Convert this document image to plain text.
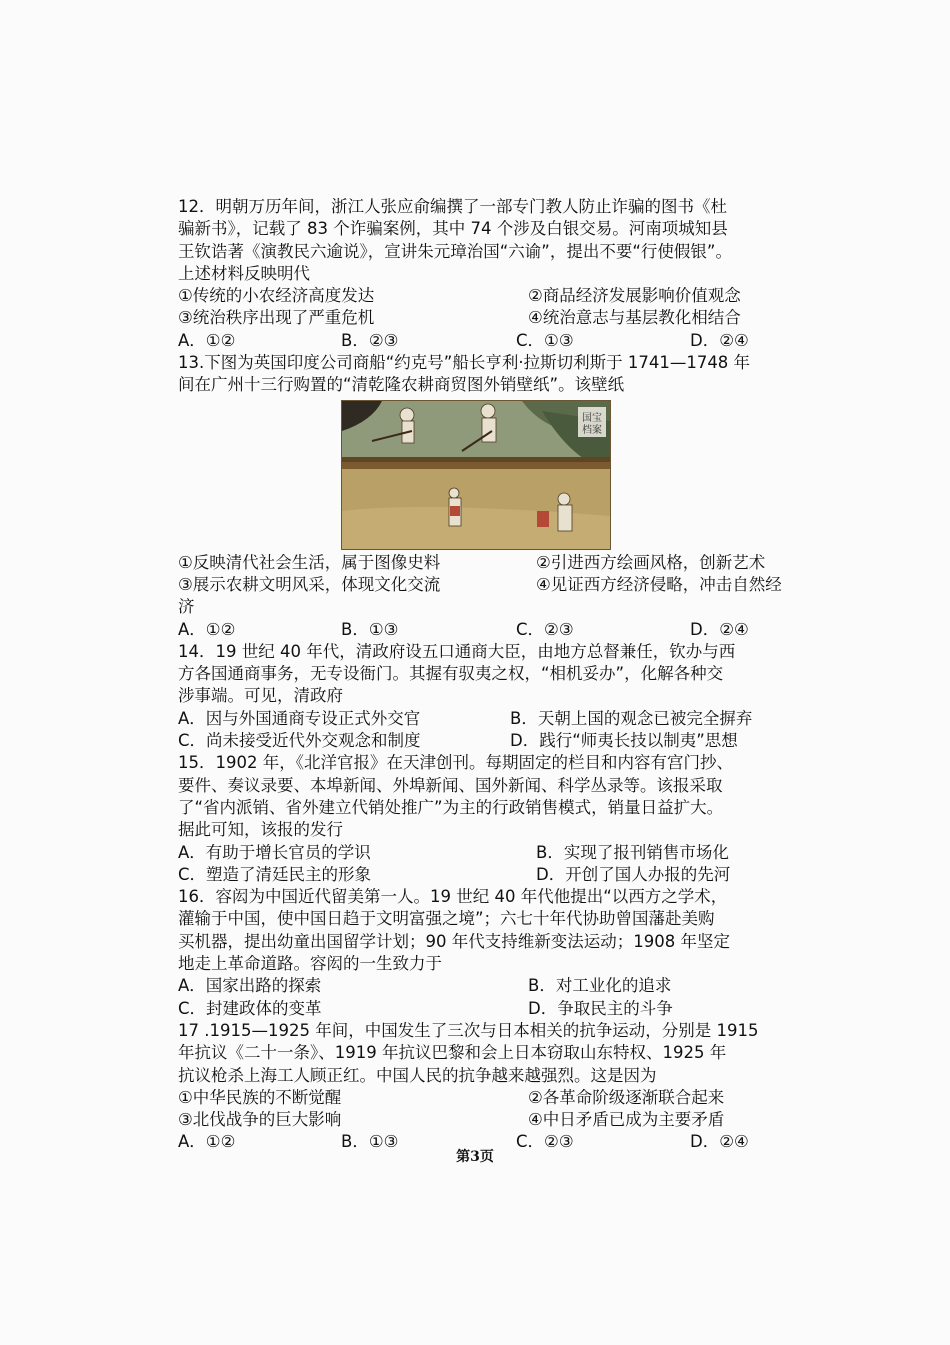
12．明朝万历年间，浙江人张应俞编撰了一部专门教人防止诈骗的图书《杜
骗新书》，记载了 83 个诈骗案例，其中 74 个涉及白银交易。河南项城知县
王钦诰著《演教民六逾说》，宣讲朱元璋治国“六谕”，提出不要“行使假银”。
上述材料反映明代
①传统的小农经济高度发达	②商品经济发展影响价值观念
③统治秩序出现了严重危机	④统治意志与基层教化相结合
A．①②	B．②③	C．①③	D．②④
13.下图为英国印度公司商船“约克号”船长亨利·拉斯切利斯于 1741—1748 年
间在广州十三行购置的“清乾隆农耕商贸图外销壁纸”。该壁纸
国宝
档案
①反映清代社会生活，属于图像史料	②引进西方绘画风格，创新艺术
③展示农耕文明风采，体现文化交流	④见证西方经济侵略，冲击自然经
济
A．①②	B．①③	C．②③	D．②④
14．19 世纪 40 年代，清政府设五口通商大臣，由地方总督兼任，钦办与西
方各国通商事务，无专设衙门。其握有驭夷之权，“相机妥办”，化解各种交
涉事端。可见，清政府
A．因与外国通商专设正式外交官	B．天朝上国的观念已被完全摒弃
C．尚未接受近代外交观念和制度	D．践行“师夷长技以制夷”思想
15．1902 年，《北洋官报》在天津创刊。每期固定的栏目和内容有宫门抄、
要件、奏议录要、本埠新闻、外埠新闻、国外新闻、科学丛录等。该报采取
了“省内派销、省外建立代销处推广”为主的行政销售模式，销量日益扩大。
据此可知，该报的发行
A．有助于增长官员的学识	B．实现了报刊销售市场化
C．塑造了清廷民主的形象	D．开创了国人办报的先河
16．容闳为中国近代留美第一人。19 世纪 40 年代他提出“以西方之学术，
灌输于中国，使中国日趋于文明富强之境”；六七十年代协助曾国藩赴美购
买机器，提出幼童出国留学计划；90 年代支持维新变法运动；1908 年坚定
地走上革命道路。容闳的一生致力于
A．国家出路的探索	B．对工业化的追求
C．封建政体的变革	D．争取民主的斗争
17 .1915—1925 年间，中国发生了三次与日本相关的抗争运动，分别是 1915
年抗议《二十一条》、1919 年抗议巴黎和会上日本窃取山东特权、1925 年
抗议枪杀上海工人顾正红。中国人民的抗争越来越强烈。这是因为
①中华民族的不断觉醒	②各革命阶级逐渐联合起来
③北伐战争的巨大影响	④中日矛盾已成为主要矛盾
A．①②	B．①③	C．②③	D．②④
第3页
